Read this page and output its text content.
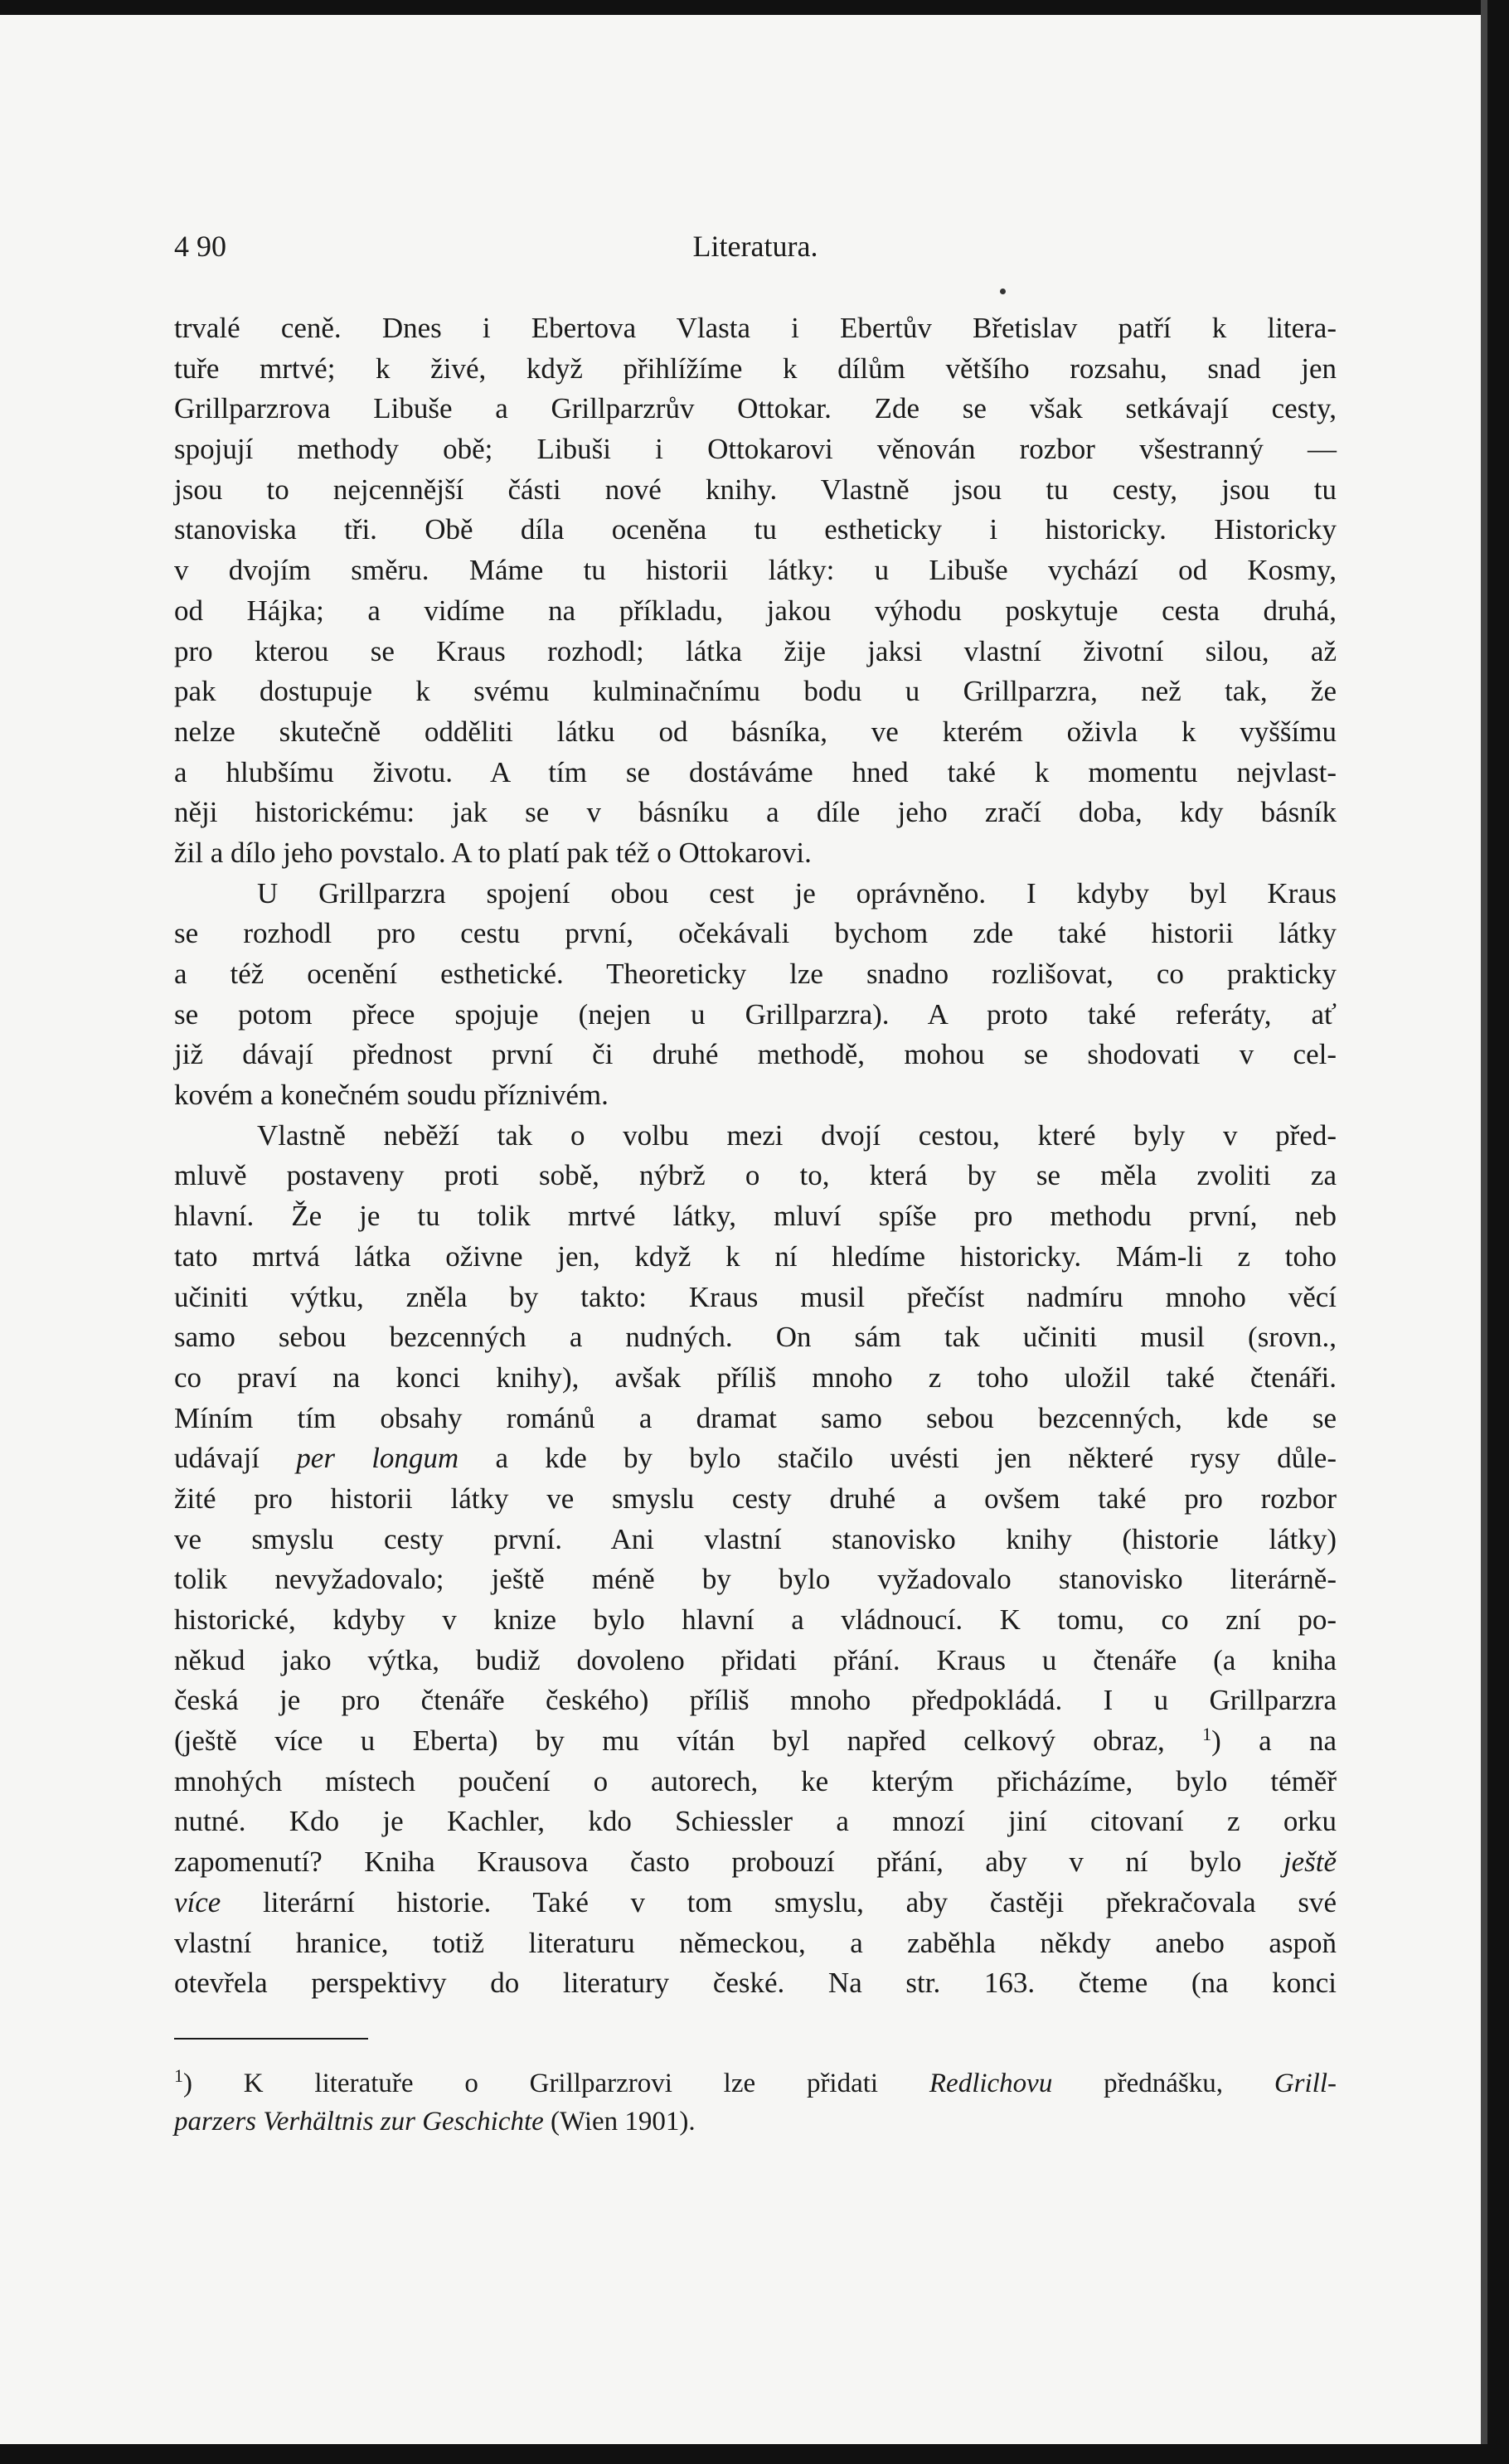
4 90	Literatura.
trvalé ceně. Dnes i Ebertova Vlasta i Ebertův Břetislav patří k litera-
tuře mrtvé; k živé, když přihlížíme k dílům většího rozsahu, snad jen
Grillparzrova Libuše a Grillparzrův Ottokar. Zde se však setkávají cesty,
spojují methody obě; Libuši i Ottokarovi věnován rozbor všestranný —
jsou to nejcennější části nové knihy. Vlastně jsou tu cesty, jsou tu
stanoviska tři. Obě díla oceněna tu estheticky i historicky. Historicky
v dvojím směru. Máme tu historii látky: u Libuše vychází od Kosmy,
od Hájka; a vidíme na příkladu, jakou výhodu poskytuje cesta druhá,
pro kterou se Kraus rozhodl; látka žije jaksi vlastní životní silou, až
pak dostupuje k svému kulminačnímu bodu u Grillparzra, než tak, že
nelze skutečně odděliti látku od básníka, ve kterém oživla k vyššímu
a hlubšímu životu. A tím se dostáváme hned také k momentu nejvlast-
něji historickému: jak se v básníku a díle jeho zračí doba, kdy básník
žil a dílo jeho povstalo. A to platí pak též o Ottokarovi.
U Grillparzra spojení obou cest je oprávněno. I kdyby byl Kraus
se rozhodl pro cestu první, očekávali bychom zde také historii látky
a též ocenění esthetické. Theoreticky lze snadno rozlišovat, co prakticky
se potom přece spojuje (nejen u Grillparzra). A proto také referáty, ať
již dávají přednost první či druhé methodě, mohou se shodovati v cel-
kovém a konečném soudu příznivém.
Vlastně neběží tak o volbu mezi dvojí cestou, které byly v před-
mluvě postaveny proti sobě, nýbrž o to, která by se měla zvoliti za
hlavní. Že je tu tolik mrtvé látky, mluví spíše pro methodu první, neb
tato mrtvá látka oživne jen, když k ní hledíme historicky. Mám-li z toho
učiniti výtku, zněla by takto: Kraus musil přečíst nadmíru mnoho věcí
samo sebou bezcenných a nudných. On sám tak učiniti musil (srovn.,
co praví na konci knihy), avšak příliš mnoho z toho uložil také čtenáři.
Míním tím obsahy románů a dramat samo sebou bezcenných, kde se
udávají per longum a kde by bylo stačilo uvésti jen některé rysy důle-
žité pro historii látky ve smyslu cesty druhé a ovšem také pro rozbor
ve smyslu cesty první. Ani vlastní stanovisko knihy (historie látky)
tolik nevyžadovalo; ještě méně by bylo vyžadovalo stanovisko literárně-
historické, kdyby v knize bylo hlavní a vládnoucí. K tomu, co zní po-
někud jako výtka, budiž dovoleno přidati přání. Kraus u čtenáře (a kniha
česká je pro čtenáře českého) příliš mnoho předpokládá. I u Grillparzra
(ještě více u Eberta) by mu vítán byl napřed celkový obraz, $^1$) a na
mnohých místech poučení o autorech, ke kterým přicházíme, bylo téměř
nutné. Kdo je Kachler, kdo Schiessler a mnozí jiní citovaní z orku
zapomenutí? Kniha Krausova často probouzí přání, aby v ní bylo ještě
více literární historie. Také v tom smyslu, aby častěji překračovala své
vlastní hranice, totiž literaturu německou, a zaběhla někdy anebo aspoň
otevřela perspektivy do literatury české. Na str. 163. čteme (na konci
$^1$) K literatuře o Grillparzrovi lze přidati Redlichovu přednášku, Grill-
parzers Verhältnis zur Geschichte (Wien 1901).
